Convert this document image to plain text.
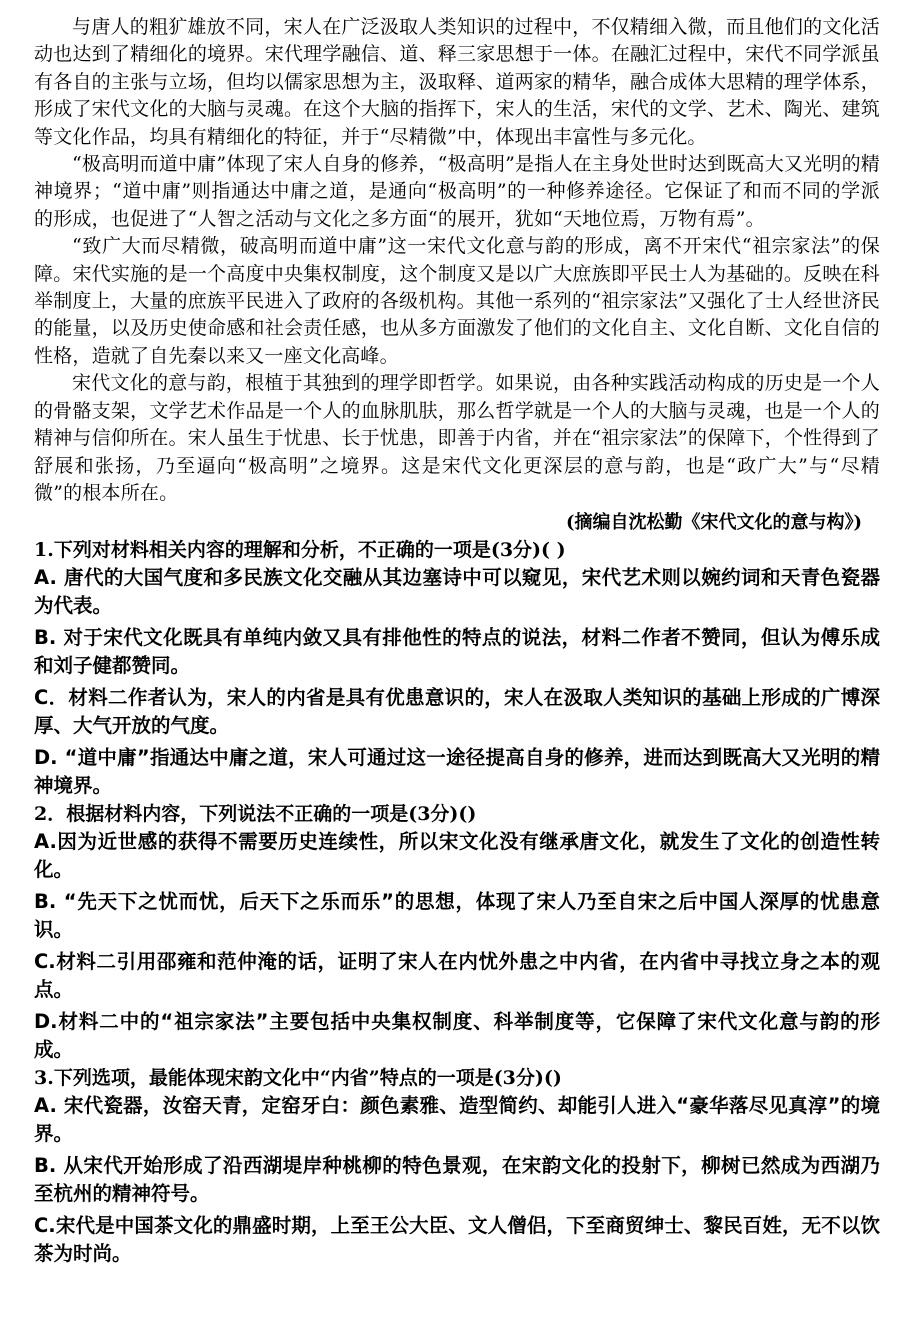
与唐人的粗犷雄放不同，宋人在广泛汲取人类知识的过程中，不仅精细入微，而且他们的文化活动也达到了精细化的境界。宋代理学融信、道、释三家思想于一体。在融汇过程中，宋代不同学派虽有各自的主张与立场，但均以儒家思想为主，汲取释、道两家的精华，融合成体大思精的理学体系，形成了宋代文化的大脑与灵魂。在这个大脑的指挥下，宋人的生活，宋代的文学、艺术、陶光、建筑等文化作品，均具有精细化的特征，并于“尽精微”中，体现出丰富性与多元化。

“极高明而道中庸”体现了宋人自身的修养，“极高明”是指人在主身处世时达到既高大又光明的精神境界；“道中庸”则指通达中庸之道，是通向“极高明”的一种修养途径。它保证了和而不同的学派的形成，也促进了“人智之活动与文化之多方面“的展开，犹如“天地位焉，万物有焉”。

“致广大而尽精微，破高明而道中庸”这一宋代文化意与韵的形成，离不开宋代“祖宗家法”的保障。宋代实施的是一个高度中央集权制度，这个制度又是以广大庶族即平民士人为基础的。反映在科举制度上，大量的庶族平民进入了政府的各级机构。其他一系列的“祖宗家法”又强化了士人经世济民的能量，以及历史使命感和社会责任感，也从多方面激发了他们的文化自主、文化自断、文化自信的性格，造就了自先秦以来又一座文化高峰。

宋代文化的意与韵，根植于其独到的理学即哲学。如果说，由各种实践活动构成的历史是一个人的骨骼支架，文学艺术作品是一个人的血脉肌肤，那么哲学就是一个人的大脑与灵魂，也是一个人的精神与信仰所在。宋人虽生于忧患、长于忧患，即善于内省，并在“祖宗家法”的保障下，个性得到了舒展和张扬，乃至逼向“极高明”之境界。这是宋代文化更深层的意与韵，也是“政广大”与“尽精微”的根本所在。

(摘编自沈松勤《宋代文化的意与构》)
1.下列对材料相关内容的理解和分析，不正确的一项是(3分)( )
A. 唐代的大国气度和多民族文化交融从其边塞诗中可以窥见，宋代艺术则以婉约词和天青色瓷器为代表。
B. 对于宋代文化既具有单纯内敛又具有排他性的特点的说法，材料二作者不赞同，但认为傅乐成和刘子健都赞同。
C．材料二作者认为，宋人的内省是具有优患意识的，宋人在汲取人类知识的基础上形成的广博深厚、大气开放的气度。
D. “道中庸”指通达中庸之道，宋人可通过这一途径提高自身的修养，进而达到既高大又光明的精神境界。
2．根据材料内容，下列说法不正确的一项是(3分)()
A.因为近世感的获得不需要历史连续性，所以宋文化没有继承唐文化，就发生了文化的创造性转化。
B. “先天下之忧而忧，后天下之乐而乐”的思想，体现了宋人乃至自宋之后中国人深厚的忧患意识。
C.材料二引用邵雍和范仲淹的话，证明了宋人在内忧外患之中内省，在内省中寻找立身之本的观点。
D.材料二中的“祖宗家法”主要包括中央集权制度、科举制度等，它保障了宋代文化意与韵的形成。
3.下列选项，最能体现宋韵文化中“内省”特点的一项是(3分)()
A. 宋代瓷器，汝窑天青，定窑牙白：颜色素雅、造型简约、却能引人进入“豪华落尽见真淳”的境界。
B. 从宋代开始形成了沿西湖堤岸种桃柳的特色景观，在宋韵文化的投射下，柳树已然成为西湖乃至杭州的精神符号。
C.宋代是中国茶文化的鼎盛时期，上至王公大臣、文人僧侣，下至商贸绅士、黎民百姓，无不以饮茶为时尚。
